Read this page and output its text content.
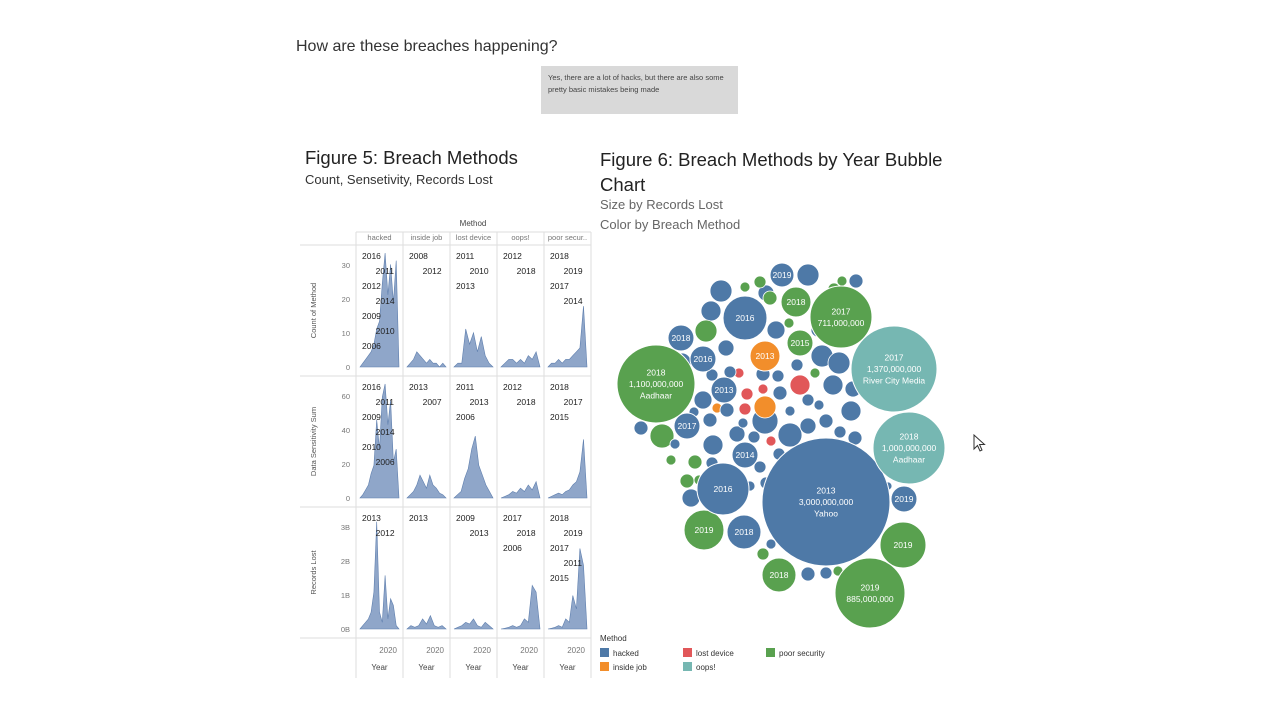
How are these breaches happening?
Yes, there are a lot of hacks, but there are also some pretty basic mistakes being made
Figure 5: Breach Methods
Count, Sensetivity, Records Lost
Figure 6: Breach Methods by Year Bubble Chart
Size by Records Lost
Color by Breach Method
Method
hacked	inside job lost device	oops! poor secur..
Count of Method
30
20
10
0
2016
2011
2012
2014
2009
2010
2006
2008
2012
2011
2010
2013
2012
2018
2018
2019
2017
2014
Data Sensitivity Sum
60
40
20
0
2016
2011
2009
2014
2010
2006
2013
2007
2011
2013
2006
2012
2018
2018
2017
2015
Records Lost
3B
2B
1B
0B
2013
2012
2013	2009
2013
2017
2018
2006
2018
2019
2017
2011
2015
2020
Year
2020
Year
2020
Year
2020
Year
2020
Year
2013
3,000,000,000
Yahoo
2017
1,370,000,000
River City Media
2018
1,100,000,000
Aadhaar
2018
1,000,000,000
Aadhaar
2019
885,000,000
2017
711,000,000
2016
2016
2018
2018
2019
2019
2019
2019
2017
2014
2013
2016
2018
2013
2015
2018
Method
hacked
inside job
lost device	poor security
oops!
